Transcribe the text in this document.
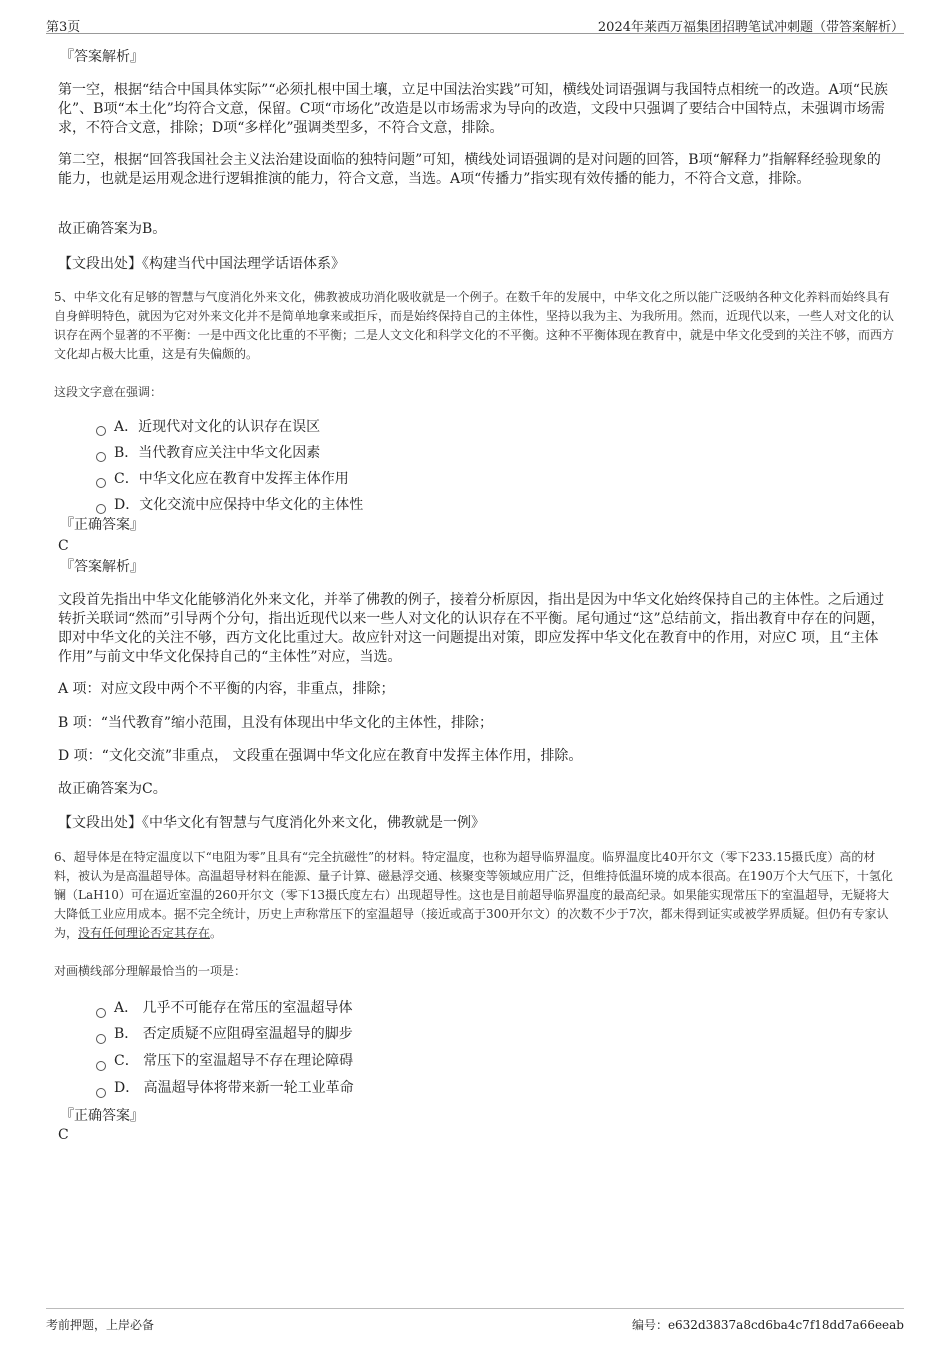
第3页	2024年莱西万福集团招聘笔试冲刺题（带答案解析）
『答案解析』
第一空，根据“结合中国具体实际”“必须扎根中国土壤，立足中国法治实践”可知，横线处词语强调与我国特点相统一的改造。A项“民族化”、B项“本土化”均符合文意，保留。C项“市场化”改造是以市场需求为导向的改造，文段中只强调了要结合中国特点，未强调市场需求，不符合文意，排除；D项“多样化”强调类型多，不符合文意，排除。
第二空，根据“回答我国社会主义法治建设面临的独特问题”可知，横线处词语强调的是对问题的回答，B项“解释力”指解释经验现象的能力，也就是运用观念进行逻辑推演的能力，符合文意，当选。A项“传播力”指实现有效传播的能力，不符合文意，排除。
故正确答案为B。
【文段出处】《构建当代中国法理学话语体系》
5、中华文化有足够的智慧与气度消化外来文化，佛教被成功消化吸收就是一个例子。在数千年的发展中，中华文化之所以能广泛吸纳各种文化养料而始终具有自身鲜明特色，就因为它对外来文化并不是简单地拿来或拒斥，而是始终保持自己的主体性，坚持以我为主、为我所用。然而，近现代以来，一些人对文化的认识存在两个显著的不平衡：一是中西文化比重的不平衡；二是人文文化和科学文化的不平衡。这种不平衡体现在教育中，就是中华文化受到的关注不够，而西方文化却占极大比重，这是有失偏颇的。
这段文字意在强调：
A．近现代对文化的认识存在误区
B．当代教育应关注中华文化因素
C．中华文化应在教育中发挥主体作用
D．文化交流中应保持中华文化的主体性
『正确答案』
C
『答案解析』
文段首先指出中华文化能够消化外来文化，并举了佛教的例子，接着分析原因，指出是因为中华文化始终保持自己的主体性。之后通过转折关联词“然而”引导两个分句，指出近现代以来一些人对文化的认识存在不平衡。尾句通过“这”总结前文，指出教育中存在的问题，即对中华文化的关注不够，西方文化比重过大。故应针对这一问题提出对策，即应发挥中华文化在教育中的作用，对应C 项，且“主体作用”与前文中华文化保持自己的“主体性”对应，当选。
A 项：对应文段中两个不平衡的内容，非重点，排除；
B 项：“当代教育”缩小范围，且没有体现出中华文化的主体性，排除；
D 项：“文化交流”非重点， 文段重在强调中华文化应在教育中发挥主体作用，排除。
故正确答案为C。
【文段出处】《中华文化有智慧与气度消化外来文化，佛教就是一例》
6、超导体是在特定温度以下“电阻为零”且具有“完全抗磁性”的材料。特定温度，也称为超导临界温度。临界温度比40开尔文（零下233.15摄氏度）高的材料，被认为是高温超导体。高温超导材料在能源、量子计算、磁悬浮交通、核聚变等领域应用广泛，但维持低温环境的成本很高。在190万个大气压下，十氢化镧（LaH10）可在逼近室温的260开尔文（零下13摄氏度左右）出现超导性。这也是目前超导临界温度的最高纪录。如果能实现常压下的室温超导，无疑将大大降低工业应用成本。据不完全统计，历史上声称常压下的室温超导（接近或高于300开尔文）的次数不少于7次，都未得到证实或被学界质疑。但仍有专家认为，没有任何理论否定其存在。
对画横线部分理解最恰当的一项是：
A． 几乎不可能存在常压的室温超导体
B． 否定质疑不应阻碍室温超导的脚步
C． 常压下的室温超导不存在理论障碍
D． 高温超导体将带来新一轮工业革命
『正确答案』
C
考前押题，上岸必备	编号：e632d3837a8cd6ba4c7f18dd7a66eeab
